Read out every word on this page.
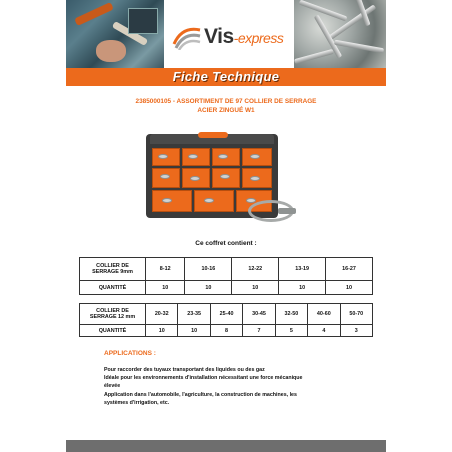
Vis-express
Fiche Technique
2385000105 - ASSORTIMENT DE 97 COLLIER DE SERRAGE
ACIER ZINGUÉ W1
Ce coffret contient :
COLLIER DE
SERRAGE 9mm	8-12	10-16	12-22	13-19	16-27
QUANTITÉ	10	10	10	10	10
COLLIER DE
SERRAGE 12 mm	20-32	23-35	25-40	30-45	32-50	40-60	50-70
QUANTITÉ	10	10	8	7	5	4	3
APPLICATIONS :
Pour raccorder des tuyaux transportant des liquides ou des gaz
Idéale pour les environnements d'installation nécessitant une force mécanique
élevée
Application dans l'automobile, l'agriculture, la construction de machines, les
systèmes d'irrigation, etc.
